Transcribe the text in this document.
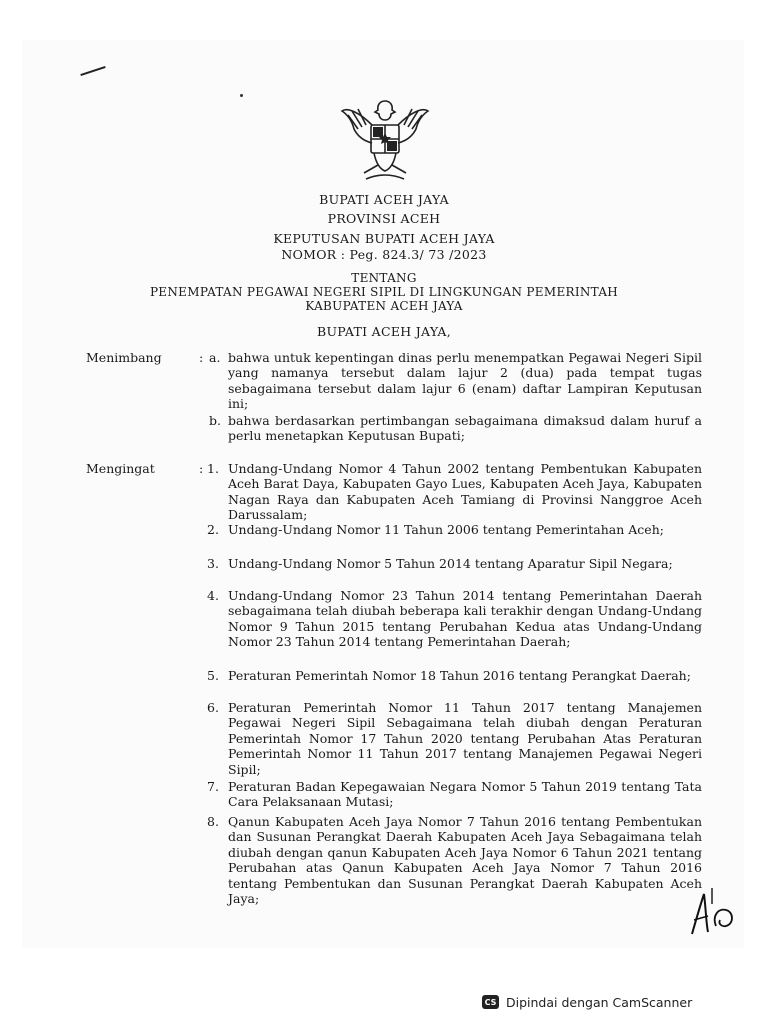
BUPATI ACEH JAYA
PROVINSI ACEH
KEPUTUSAN BUPATI ACEH JAYA
NOMOR : Peg. 824.3/ 73 /2023
TENTANG
PENEMPATAN PEGAWAI NEGERI SIPIL DI LINGKUNGAN PEMERINTAH
KABUPATEN ACEH JAYA
BUPATI ACEH JAYA,
Menimbang	: a. bahwa untuk kepentingan dinas perlu menempatkan Pegawai Negeri Sipil yang namanya tersebut dalam lajur 2 (dua) pada tempat tugas sebagaimana tersebut dalam lajur 6 (enam) daftar Lampiran Keputusan ini;
b. bahwa berdasarkan pertimbangan sebagaimana dimaksud dalam huruf a perlu menetapkan Keputusan Bupati;
Mengingat	: 1. Undang-Undang Nomor 4 Tahun 2002 tentang Pembentukan Kabupaten Aceh Barat Daya, Kabupaten Gayo Lues, Kabupaten Aceh Jaya, Kabupaten Nagan Raya dan Kabupaten Aceh Tamiang di Provinsi Nanggroe Aceh Darussalam;
2. Undang-Undang Nomor 11 Tahun 2006 tentang Pemerintahan Aceh;
3. Undang-Undang Nomor 5 Tahun 2014 tentang Aparatur Sipil Negara;
4. Undang-Undang Nomor 23 Tahun 2014 tentang Pemerintahan Daerah sebagaimana telah diubah beberapa kali terakhir dengan Undang-Undang Nomor 9 Tahun 2015 tentang Perubahan Kedua atas Undang-Undang Nomor 23 Tahun 2014 tentang Pemerintahan Daerah;
5. Peraturan Pemerintah Nomor 18 Tahun 2016 tentang Perangkat Daerah;
6. Peraturan Pemerintah Nomor 11 Tahun 2017 tentang Manajemen Pegawai Negeri Sipil Sebagaimana telah diubah dengan Peraturan Pemerintah Nomor 17 Tahun 2020 tentang Perubahan Atas Peraturan Pemerintah Nomor 11 Tahun 2017 tentang Manajemen Pegawai Negeri Sipil;
7. Peraturan Badan Kepegawaian Negara Nomor 5 Tahun 2019 tentang Tata Cara Pelaksanaan Mutasi;
8. Qanun Kabupaten Aceh Jaya Nomor 7 Tahun 2016 tentang Pembentukan dan Susunan Perangkat Daerah Kabupaten Aceh Jaya Sebagaimana telah diubah dengan qanun Kabupaten Aceh Jaya Nomor 6 Tahun 2021 tentang Perubahan atas Qanun Kabupaten Aceh Jaya Nomor 7 Tahun 2016 tentang Pembentukan dan Susunan Perangkat Daerah Kabupaten Aceh Jaya;
CS Dipindai dengan CamScanner
